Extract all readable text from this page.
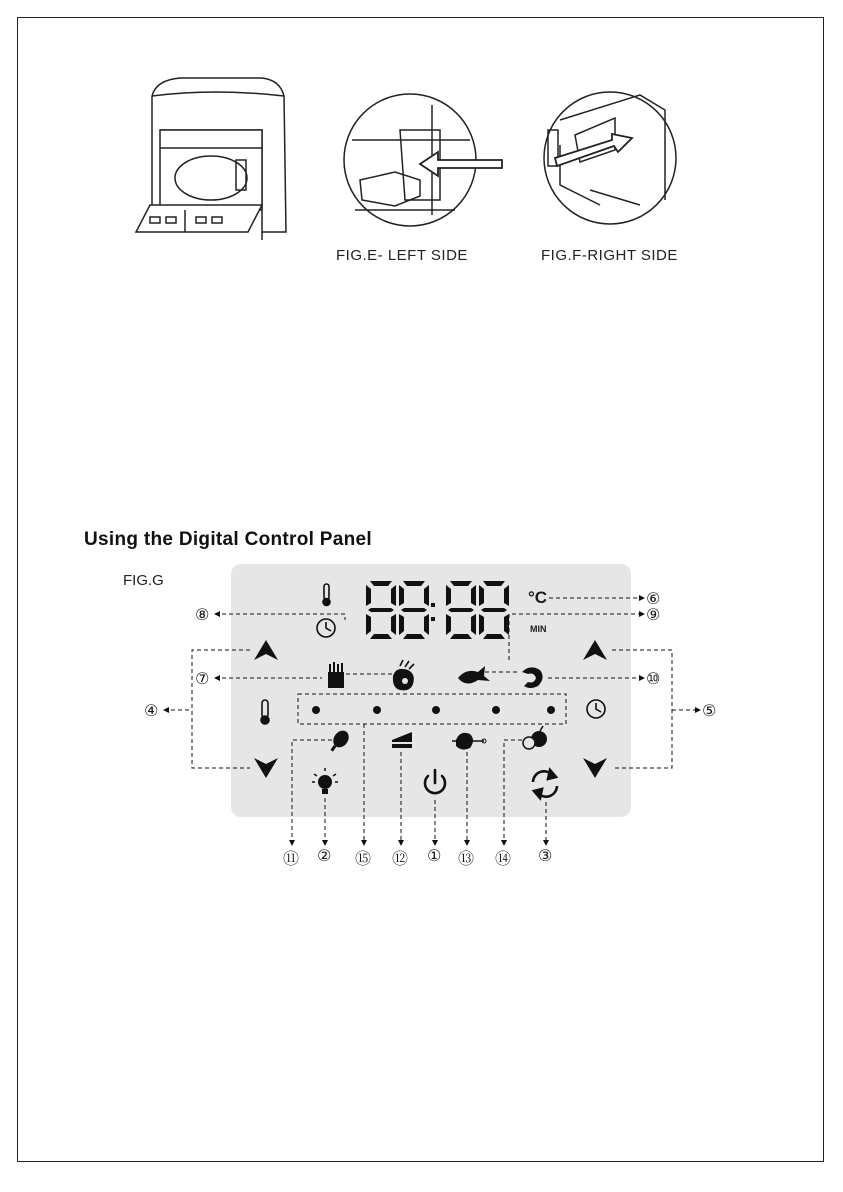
FIG.E- LEFT SIDE	FIG.F-RIGHT SIDE
Using the Digital Control Panel
FIG.G
°C
MIN
⑥
⑨
⑧
⑦	⑩
④	⑤
⑪ ② ⑮ ⑫ ① ⑬ ⑭ ③
